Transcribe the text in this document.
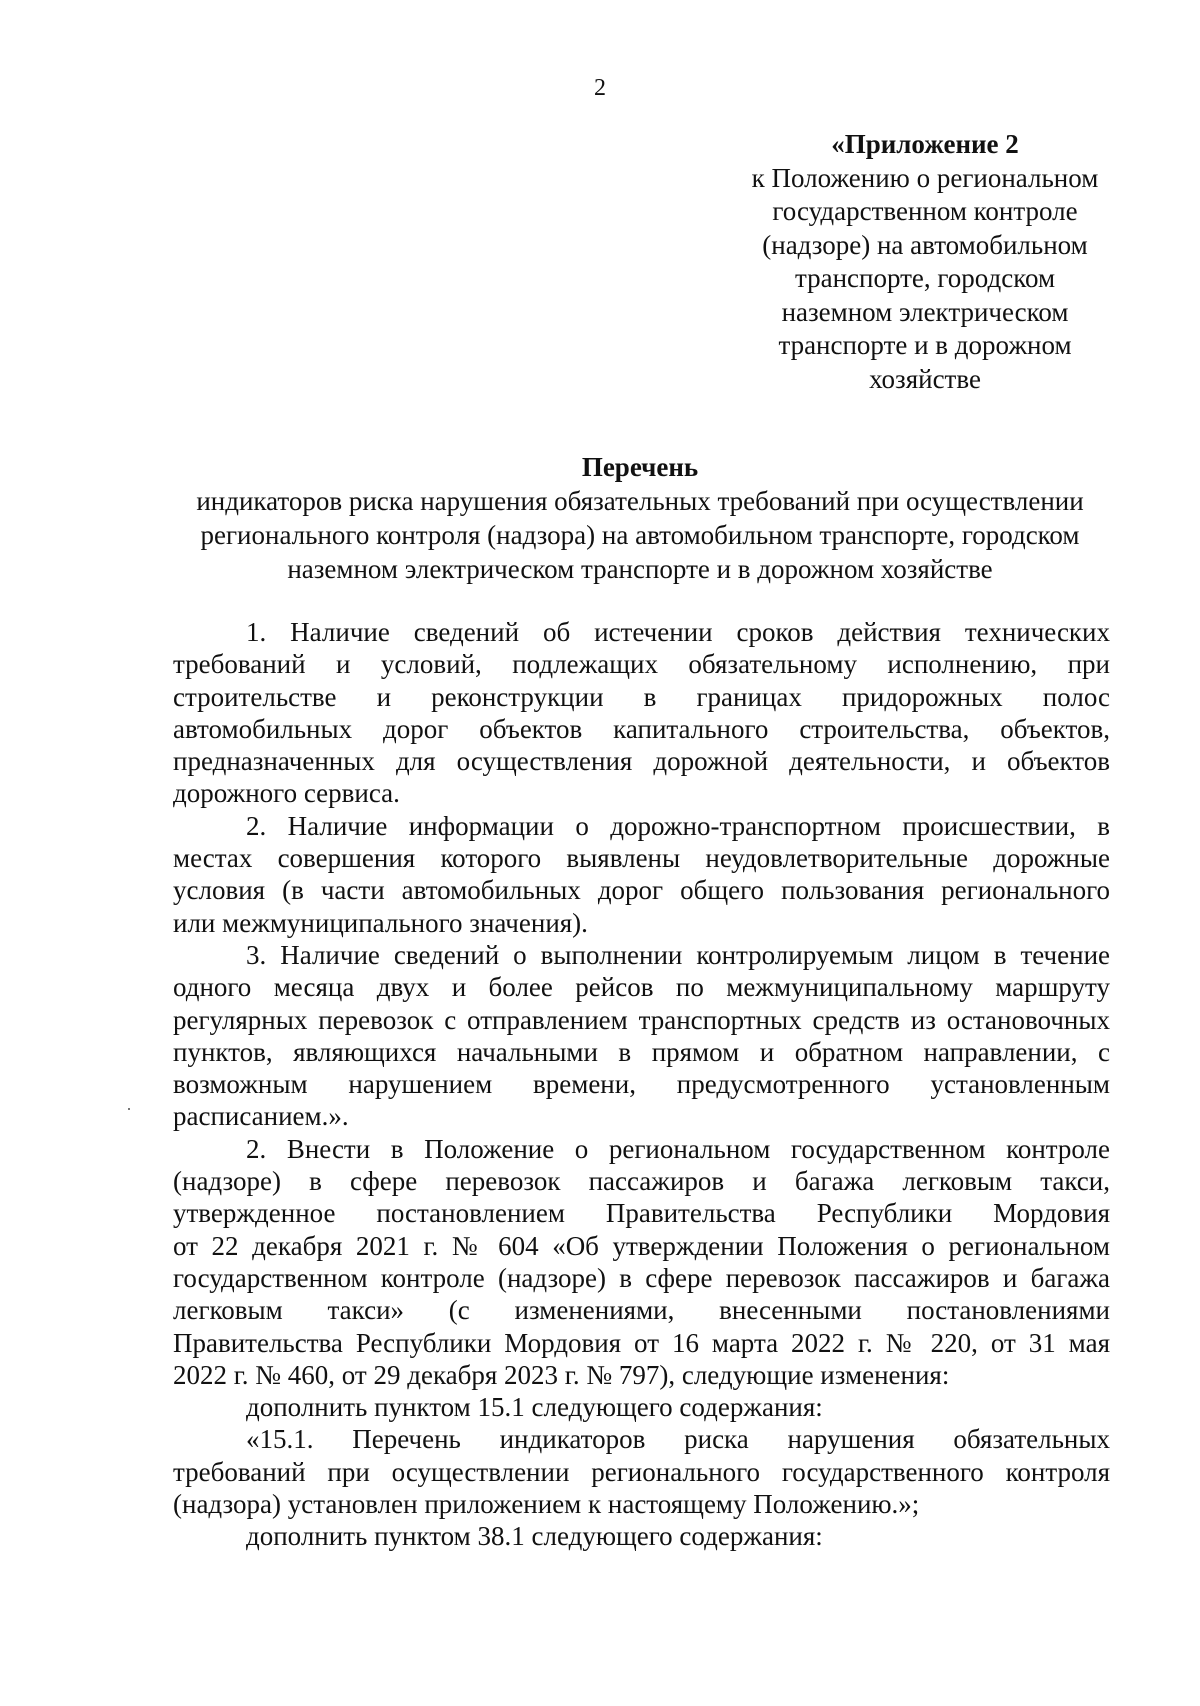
2
«Приложение 2
к Положению о региональном
государственном контроле
(надзоре) на автомобильном
транспорте, городском
наземном электрическом
транспорте и в дорожном
хозяйстве
Перечень
индикаторов риска нарушения обязательных требований при осуществлении
регионального контроля (надзора) на автомобильном транспорте, городском
наземном электрическом транспорте и в дорожном хозяйстве
1. Наличие сведений об истечении сроков действия технических
требований и условий, подлежащих обязательному исполнению, при
строительстве и реконструкции в границах придорожных полос
автомобильных дорог объектов капитального строительства, объектов,
предназначенных для осуществления дорожной деятельности, и объектов
дорожного сервиса.
2. Наличие информации о дорожно-транспортном происшествии, в
местах совершения которого выявлены неудовлетворительные дорожные
условия (в части автомобильных дорог общего пользования регионального
или межмуниципального значения).
3. Наличие сведений о выполнении контролируемым лицом в течение
одного месяца двух и более рейсов по межмуниципальному маршруту
регулярных перевозок с отправлением транспортных средств из остановочных
пунктов, являющихся начальными в прямом и обратном направлении, с
возможным нарушением времени, предусмотренного установленным
расписанием.».
2. Внести в Положение о региональном государственном контроле
(надзоре) в сфере перевозок пассажиров и багажа легковым такси,
утвержденное постановлением Правительства Республики Мордовия
от 22 декабря 2021 г. № 604 «Об утверждении Положения о региональном
государственном контроле (надзоре) в сфере перевозок пассажиров и багажа
легковым такси» (с изменениями, внесенными постановлениями
Правительства Республики Мордовия от 16 марта 2022 г. № 220, от 31 мая
2022 г. № 460, от 29 декабря 2023 г. № 797), следующие изменения:
дополнить пунктом 15.1 следующего содержания:
«15.1. Перечень индикаторов риска нарушения обязательных
требований при осуществлении регионального государственного контроля
(надзора) установлен приложением к настоящему Положению.»;
дополнить пунктом 38.1 следующего содержания:
